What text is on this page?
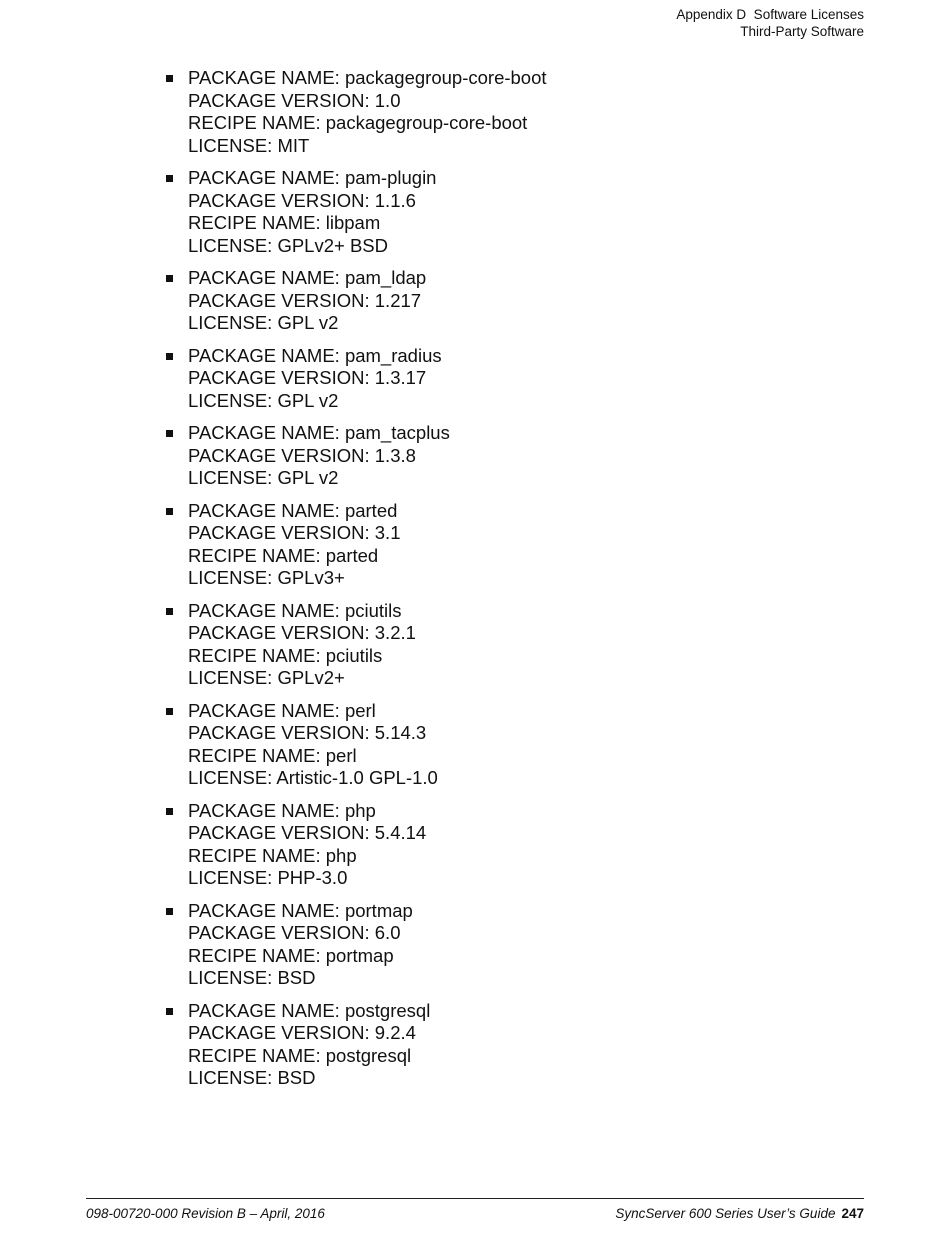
Appendix D  Software Licenses
Third-Party Software
PACKAGE NAME: packagegroup-core-boot
PACKAGE VERSION: 1.0
RECIPE NAME: packagegroup-core-boot
LICENSE: MIT
PACKAGE NAME: pam-plugin
PACKAGE VERSION: 1.1.6
RECIPE NAME: libpam
LICENSE: GPLv2+ BSD
PACKAGE NAME: pam_ldap
PACKAGE VERSION: 1.217
LICENSE: GPL v2
PACKAGE NAME: pam_radius
PACKAGE VERSION: 1.3.17
LICENSE: GPL v2
PACKAGE NAME: pam_tacplus
PACKAGE VERSION: 1.3.8
LICENSE: GPL v2
PACKAGE NAME: parted
PACKAGE VERSION: 3.1
RECIPE NAME: parted
LICENSE: GPLv3+
PACKAGE NAME: pciutils
PACKAGE VERSION: 3.2.1
RECIPE NAME: pciutils
LICENSE: GPLv2+
PACKAGE NAME: perl
PACKAGE VERSION: 5.14.3
RECIPE NAME: perl
LICENSE: Artistic-1.0 GPL-1.0
PACKAGE NAME: php
PACKAGE VERSION: 5.4.14
RECIPE NAME: php
LICENSE: PHP-3.0
PACKAGE NAME: portmap
PACKAGE VERSION: 6.0
RECIPE NAME: portmap
LICENSE: BSD
PACKAGE NAME: postgresql
PACKAGE VERSION: 9.2.4
RECIPE NAME: postgresql
LICENSE: BSD
098-00720-000 Revision B – April, 2016	SyncServer 600 Series User’s Guide 247
